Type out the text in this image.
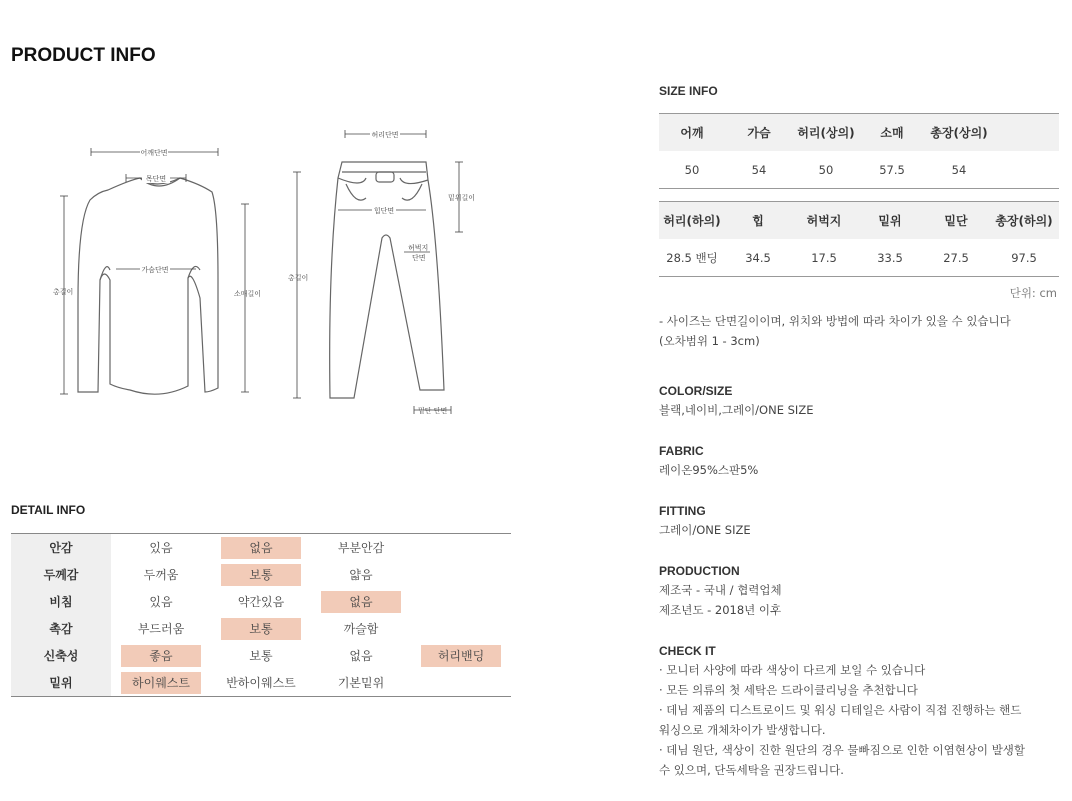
PRODUCT INFO
어깨단면
목단면
가슴단면
총길이	소매길이
허리단면
밑위길이
힙단면
허벅지
단면
총길이
밑단 단면
DETAIL INFO
안감	있음	없음	부분안감
두께감	두꺼움	보통	얇음
비침	있음	약간있음	없음
촉감	부드러움	보통	까슬함
신축성	좋음	보통	없음	허리밴딩
밑위	하이웨스트	반하이웨스트	기본밑위
SIZE INFO
어깨	가슴	허리(상의)	소매	총장(상의)
50	54	50	57.5	54
허리(하의)	힙	허벅지	밑위	밑단	총장(하의)
28.5 밴딩	34.5	17.5	33.5	27.5	97.5
단위: cm
- 사이즈는 단면길이이며, 위치와 방법에 따라 차이가 있을 수 있습니다
(오차범위 1 - 3cm)
COLOR/SIZE
블랙,네이비,그레이/ONE SIZE
FABRIC
레이온95%스판5%
FITTING
그레이/ONE SIZE
PRODUCTION
제조국 - 국내 / 협력업체
제조년도 - 2018년 이후
CHECK IT
· 모니터 사양에 따라 색상이 다르게 보일 수 있습니다
· 모든 의류의 첫 세탁은 드라이클리닝을 추천합니다
· 데님 제품의 디스트로이드 및 워싱 디테일은 사람이 직접 진행하는 핸드
워싱으로 개체차이가 발생합니다.
· 데님 원단, 색상이 진한 원단의 경우 물빠짐으로 인한 이염현상이 발생할
수 있으며, 단독세탁을 권장드립니다.
